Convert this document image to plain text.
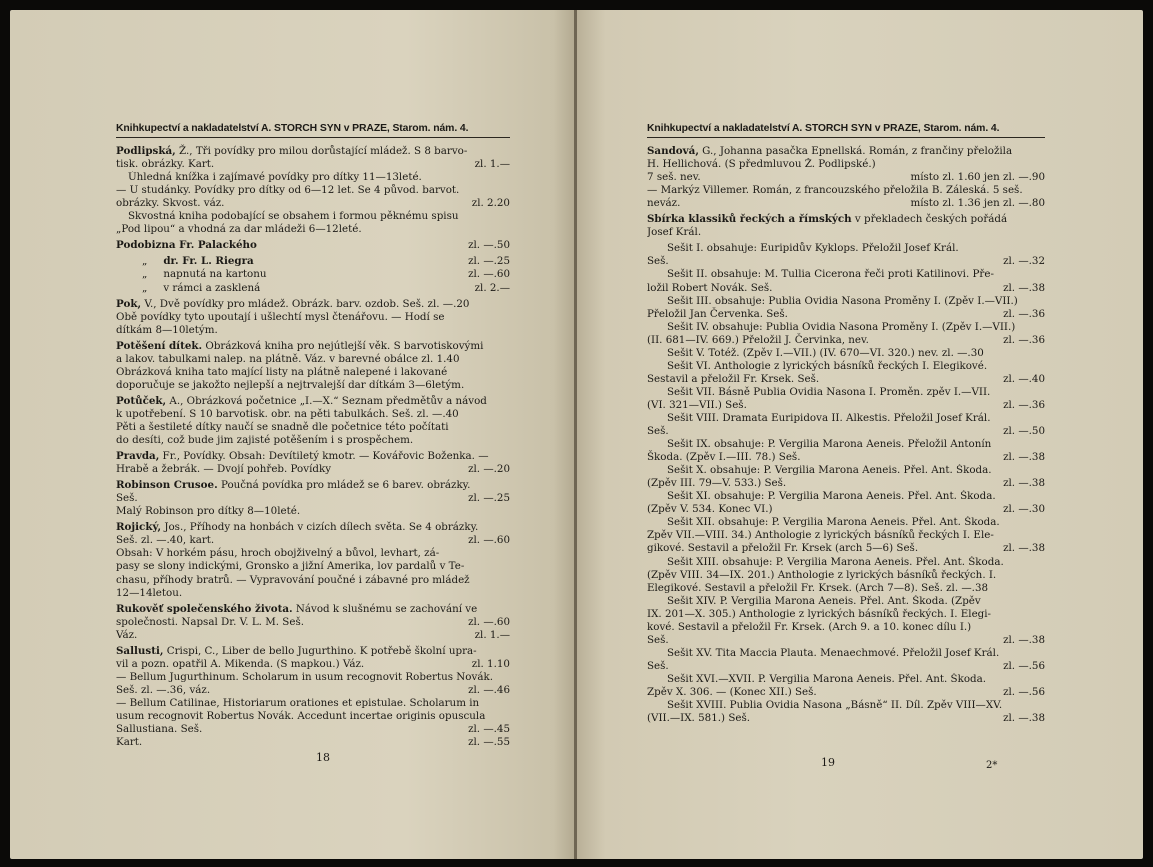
Knihkupectví a nakladatelství A. STORCH SYN v PRAZE, Starom. nám. 4.
Podlipská, Ž., Tři povídky pro milou dorůstající mládež. S 8 barvo-
tisk. obrázky. Kart.	zl. 1.—
Úhledná knížka i zajímavé povídky pro dítky 11—13leté.
— U studánky. Povídky pro dítky od 6—12 let. Se 4 původ. barvot.
obrázky. Skvost. váz.	zl. 2.20
Skvostná kniha podobající se obsahem i formou pěknému spisu
„Pod lipou“ a vhodná za dar mládeži 6—12leté.
Podobizna Fr. Palackého	zl. —.50
„ dr. Fr. L. Riegra	zl. —.25
„ napnutá na kartonu	zl. —.60
„ v rámci a zasklená	zl. 2.—
Pok, V., Dvě povídky pro mládež. Obrázk. barv. ozdob. Seš. zl. —.20
Obě povídky tyto upoutají i ušlechtí mysl čtenářovu. — Hodí se
dítkám 8—10letým.
Potěšení dítek. Obrázková kniha pro nejútlejší věk. S barvotiskovými
a lakov. tabulkami nalep. na plátně. Váz. v barevné obálce zl. 1.40
Obrázková kniha tato mající listy na plátně nalepené i lakované
doporučuje se jakožto nejlepší a nejtrvalejší dar dítkám 3—6letým.
Potůček, A., Obrázková početnice „I.—X.“ Seznam předmětův a návod
k upotřebení. S 10 barvotisk. obr. na pěti tabulkách. Seš. zl. —.40
Pěti a šestileté dítky naučí se snadně dle početnice této počítati
do desíti, což bude jim zajisté potěšením i s prospěchem.
Pravda, Fr., Povídky. Obsah: Devítiletý kmotr. — Kovářovic Boženka. —
Hrabě a žebrák. — Dvojí pohřeb. Povídky	zl. —.20
Robinson Crusoe. Poučná povídka pro mládež se 6 barev. obrázky.
Seš.	zl. —.25
Malý Robinson pro dítky 8—10leté.
Rojický, Jos., Příhody na honbách v cizích dílech světa. Se 4 obrázky.
Seš. zl. —.40, kart.	zl. —.60
Obsah: V horkém pásu, hroch obojživelný a bůvol, levhart, zá-
pasy se slony indickými, Gronsko a jižní Amerika, lov pardalů v Te-
chasu, příhody bratrů. — Vypravování poučné i zábavné pro mládež
12—14letou.
Rukověť společenského života. Návod k slušnému se zachování ve
společnosti. Napsal Dr. V. L. M. Seš.	zl. —.60
Váz.	zl. 1.—
Sallusti, Crispi, C., Liber de bello Jugurthino. K potřebě školní upra-
vil a pozn. opatřil A. Mikenda. (S mapkou.) Váz.	zl. 1.10
— Bellum Jugurthinum. Scholarum in usum recognovit Robertus Novák.
Seš. zl. —.36, váz.	zl. —.46
— Bellum Catilinae, Historiarum orationes et epistulae. Scholarum in
usum recognovit Robertus Novák. Accedunt incertae originis opuscula
Sallustiana. Seš.	zl. —.45
Kart.	zl. —.55
18
Knihkupectví a nakladatelství A. STORCH SYN v PRAZE, Starom. nám. 4.
Sandová, G., Johanna pasačka Epnellská. Román, z frančiny přeložila
H. Hellichová. (S předmluvou Ž. Podlipské.)
7 seš. nev.	místo zl. 1.60 jen zl. —.90
— Markýz Villemer. Román, z francouzského přeložila B. Záleská. 5 seš.
neváz.	místo zl. 1.36 jen zl. —.80
Sbírka klassiků řeckých a římských v překladech českých pořádá
Josef Král.
Sešit I. obsahuje: Euripidův Kyklops. Přeložil Josef Král.
Seš.	zl. —.32
Sešit II. obsahuje: M. Tullia Cicerona řeči proti Katilinovi. Pře-
ložil Robert Novák. Seš.	zl. —.38
Sešit III. obsahuje: Publia Ovidia Nasona Proměny I. (Zpěv I.—VII.)
Přeložil Jan Červenka. Seš.	zl. —.36
Sešit IV. obsahuje: Publia Ovidia Nasona Proměny I. (Zpěv I.—VII.)
(II. 681—IV. 669.) Přeložil J. Červinka, nev.	zl. —.36
Sešit V. Totéž. (Zpěv I.—VII.) (IV. 670—VI. 320.) nev. zl. —.30
Sešit VI. Anthologie z lyrických básníků řeckých I. Elegikové.
Sestavil a přeložil Fr. Krsek. Seš.	zl. —.40
Sešit VII. Básně Publia Ovidia Nasona I. Proměn. zpěv I.—VII.
(VI. 321—VII.) Seš.	zl. —.36
Sešit VIII. Dramata Euripidova II. Alkestis. Přeložil Josef Král.
Seš.	zl. —.50
Sešit IX. obsahuje: P. Vergilia Marona Aeneis. Přeložil Antonín
Škoda. (Zpěv I.—III. 78.) Seš.	zl. —.38
Sešit X. obsahuje: P. Vergilia Marona Aeneis. Přel. Ant. Škoda.
(Zpěv III. 79—V. 533.) Seš.	zl. —.38
Sešit XI. obsahuje: P. Vergilia Marona Aeneis. Přel. Ant. Škoda.
(Zpěv V. 534. Konec VI.)	zl. —.30
Sešit XII. obsahuje: P. Vergilia Marona Aeneis. Přel. Ant. Škoda.
Zpěv VII.—VIII. 34.) Anthologie z lyrických básníků řeckých I. Ele-
gikové. Sestavil a přeložil Fr. Krsek (arch 5—6) Seš.	zl. —.38
Sešit XIII. obsahuje: P. Vergilia Marona Aeneis. Přel. Ant. Škoda.
(Zpěv VIII. 34—IX. 201.) Anthologie z lyrických básníků řeckých. I.
Elegikové. Sestavil a přeložil Fr. Krsek. (Arch 7—8). Seš. zl. —.38
Sešit XIV. P. Vergilia Marona Aeneis. Přel. Ant. Škoda. (Zpěv
IX. 201—X. 305.) Anthologie z lyrických básníků řeckých. I. Elegi-
kové. Sestavil a přeložil Fr. Krsek. (Arch 9. a 10. konec dílu I.)
Seš.	zl. —.38
Sešit XV. Tita Maccia Plauta. Menaechmové. Přeložil Josef Král.
Seš.	zl. —.56
Sešit XVI.—XVII. P. Vergilia Marona Aeneis. Přel. Ant. Škoda.
Zpěv X. 306. — (Konec XII.) Seš.	zl. —.56
Sešit XVIII. Publia Ovidia Nasona „Básně“ II. Díl. Zpěv VIII—XV.
(VII.—IX. 581.) Seš.	zl. —.38
19	2*
